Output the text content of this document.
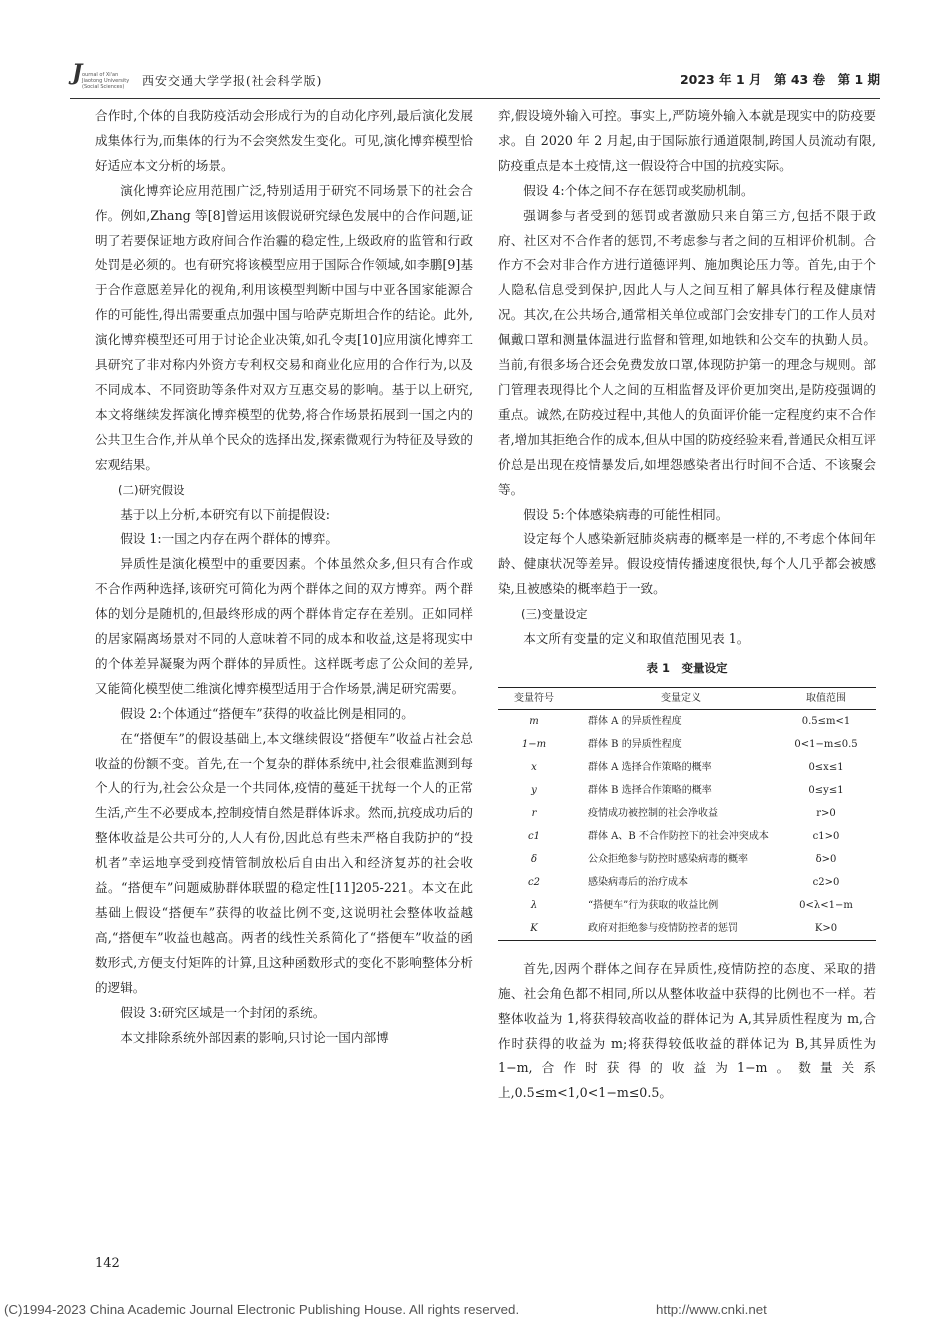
J ournal of Xi'an Jiaotong University (Social Sciences)	西安交通大学学报(社会科学版)	2023 年 1 月　第 43 卷　第 1 期

合作时,个体的自我防疫活动会形成行为的自动化序列,最后演化发展成集体行为,而集体的行为不会突然发生变化。可见,演化博弈模型恰好适应本文分析的场景。

演化博弈论应用范围广泛,特别适用于研究不同场景下的社会合作。例如,Zhang 等[8]曾运用该假说研究绿色发展中的合作问题,证明了若要保证地方政府间合作治霾的稳定性,上级政府的监管和行政处罚是必须的。也有研究将该模型应用于国际合作领域,如李鹏[9]基于合作意愿差异化的视角,利用该模型判断中国与中亚各国家能源合作的可能性,得出需要重点加强中国与哈萨克斯坦合作的结论。此外,演化博弈模型还可用于讨论企业决策,如孔令夷[10]应用演化博弈工具研究了非对称内外资方专利权交易和商业化应用的合作行为,以及不同成本、不同资助等条件对双方互惠交易的影响。基于以上研究,本文将继续发挥演化博弈模型的优势,将合作场景拓展到一国之内的公共卫生合作,并从单个民众的选择出发,探索微观行为特征及导致的宏观结果。

(二)研究假设

基于以上分析,本研究有以下前提假设:

假设 1:一国之内存在两个群体的博弈。

异质性是演化模型中的重要因素。个体虽然众多,但只有合作或不合作两种选择,该研究可简化为两个群体之间的双方博弈。两个群体的划分是随机的,但最终形成的两个群体肯定存在差别。正如同样的居家隔离场景对不同的人意味着不同的成本和收益,这是将现实中的个体差异凝聚为两个群体的异质性。这样既考虑了公众间的差异,又能简化模型使二维演化博弈模型适用于合作场景,满足研究需要。

假设 2:个体通过“搭便车”获得的收益比例是相同的。

在“搭便车”的假设基础上,本文继续假设“搭便车”收益占社会总收益的份额不变。首先,在一个复杂的群体系统中,社会很难监测到每个人的行为,社会公众是一个共同体,疫情的蔓延干扰每一个人的正常生活,产生不必要成本,控制疫情自然是群体诉求。然而,抗疫成功后的整体收益是公共可分的,人人有份,因此总有些未严格自我防护的“投机者”幸运地享受到疫情管制放松后自由出入和经济复苏的社会收益。“搭便车”问题威胁群体联盟的稳定性[11]205-221。本文在此基础上假设“搭便车”获得的收益比例不变,这说明社会整体收益越高,“搭便车”收益也越高。两者的线性关系简化了“搭便车”收益的函数形式,方便支付矩阵的计算,且这种函数形式的变化不影响整体分析的逻辑。

假设 3:研究区域是一个封闭的系统。

本文排除系统外部因素的影响,只讨论一国内部博

弈,假设境外输入可控。事实上,严防境外输入本就是现实中的防疫要求。自 2020 年 2 月起,由于国际旅行通道限制,跨国人员流动有限,防疫重点是本土疫情,这一假设符合中国的抗疫实际。

假设 4:个体之间不存在惩罚或奖励机制。

强调参与者受到的惩罚或者激励只来自第三方,包括不限于政府、社区对不合作者的惩罚,不考虑参与者之间的互相评价机制。合作方不会对非合作方进行道德评判、施加舆论压力等。首先,由于个人隐私信息受到保护,因此人与人之间互相了解具体行程及健康情况。其次,在公共场合,通常相关单位或部门会安排专门的工作人员对佩戴口罩和测量体温进行监督和管理,如地铁和公交车的执勤人员。当前,有很多场合还会免费发放口罩,体现防护第一的理念与规则。部门管理表现得比个人之间的互相监督及评价更加突出,是防疫强调的重点。诚然,在防疫过程中,其他人的负面评价能一定程度约束不合作者,增加其拒绝合作的成本,但从中国的防疫经验来看,普通民众相互评价总是出现在疫情暴发后,如埋怨感染者出行时间不合适、不该聚会等。

假设 5:个体感染病毒的可能性相同。

设定每个人感染新冠肺炎病毒的概率是一样的,不考虑个体间年龄、健康状况等差异。假设疫情传播速度很快,每个人几乎都会被感染,且被感染的概率趋于一致。

(三)变量设定

本文所有变量的定义和取值范围见表 1。

表 1　变量设定
变量符号	变量定义	取值范围
m	群体 A 的异质性程度	0.5≤m<1
1−m	群体 B 的异质性程度	0<1−m≤0.5
x	群体 A 选择合作策略的概率	0≤x≤1
y	群体 B 选择合作策略的概率	0≤y≤1
r	疫情成功被控制的社会净收益	r>0
c1	群体 A、B 不合作防控下的社会冲突成本	c1>0
δ	公众拒绝参与防控时感染病毒的概率	δ>0
c2	感染病毒后的治疗成本	c2>0
λ	“搭便车”行为获取的收益比例	0<λ<1−m
K	政府对拒绝参与疫情防控者的惩罚	K>0

首先,因两个群体之间存在异质性,疫情防控的态度、采取的措施、社会角色都不相同,所以从整体收益中获得的比例也不一样。若整体收益为 1,将获得较高收益的群体记为 A,其异质性程度为 m,合作时获得的收益为 m;将获得较低收益的群体记为 B,其异质性为 1−m,合作时获得的收益为1−m。数量关系上,0.5≤m<1,0<1−m≤0.5。

142
(C)1994-2023 China Academic Journal Electronic Publishing House. All rights reserved.	http://www.cnki.net
